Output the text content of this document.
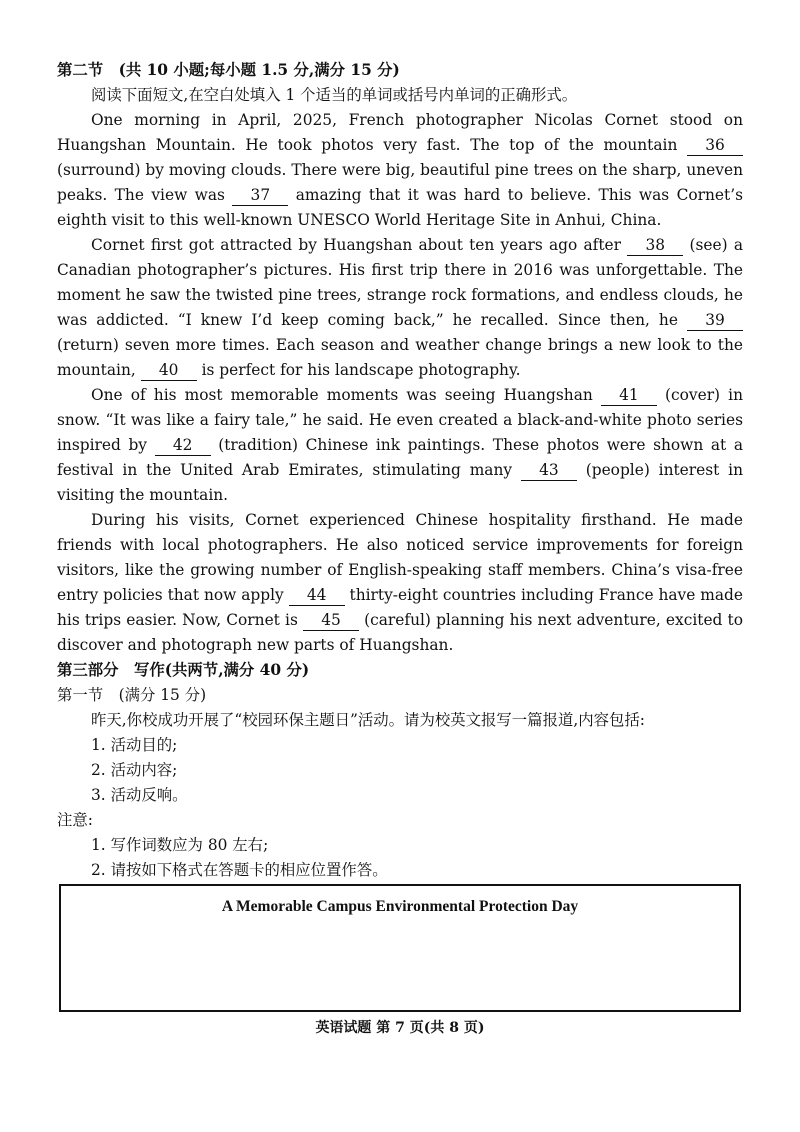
第二节　(共 10 小题;每小题 1.5 分,满分 15 分)

阅读下面短文,在空白处填入 1 个适当的单词或括号内单词的正确形式。

One morning in April, 2025, French photographer Nicolas Cornet stood on Huangshan Mountain. He took photos very fast. The top of the mountain 36 (surround) by moving clouds. There were big, beautiful pine trees on the sharp, uneven peaks. The view was 37 amazing that it was hard to believe. This was Cornet’s eighth visit to this well-known UNESCO World Heritage Site in Anhui, China.

Cornet first got attracted by Huangshan about ten years ago after 38 (see) a Canadian photographer’s pictures. His first trip there in 2016 was unforgettable. The moment he saw the twisted pine trees, strange rock formations, and endless clouds, he was addicted. “I knew I’d keep coming back,” he recalled. Since then, he 39 (return) seven more times. Each season and weather change brings a new look to the mountain, 40 is perfect for his landscape photography.

One of his most memorable moments was seeing Huangshan 41 (cover) in snow. “It was like a fairy tale,” he said. He even created a black-and-white photo series inspired by 42 (tradition) Chinese ink paintings. These photos were shown at a festival in the United Arab Emirates, stimulating many 43 (people) interest in visiting the mountain.

During his visits, Cornet experienced Chinese hospitality firsthand. He made friends with local photographers. He also noticed service improvements for foreign visitors, like the growing number of English-speaking staff members. China’s visa-free entry policies that now apply 44 thirty-eight countries including France have made his trips easier. Now, Cornet is 45 (careful) planning his next adventure, excited to discover and photograph new parts of Huangshan.

第三部分　写作(共两节,满分 40 分)

第一节　(满分 15 分)

昨天,你校成功开展了“校园环保主题日”活动。请为校英文报写一篇报道,内容包括:

1. 活动目的;
2. 活动内容;
3. 活动反响。

注意:

1. 写作词数应为 80 左右;
2. 请按如下格式在答题卡的相应位置作答。
A Memorable Campus Environmental Protection Day
英语试题 第 7 页(共 8 页)
